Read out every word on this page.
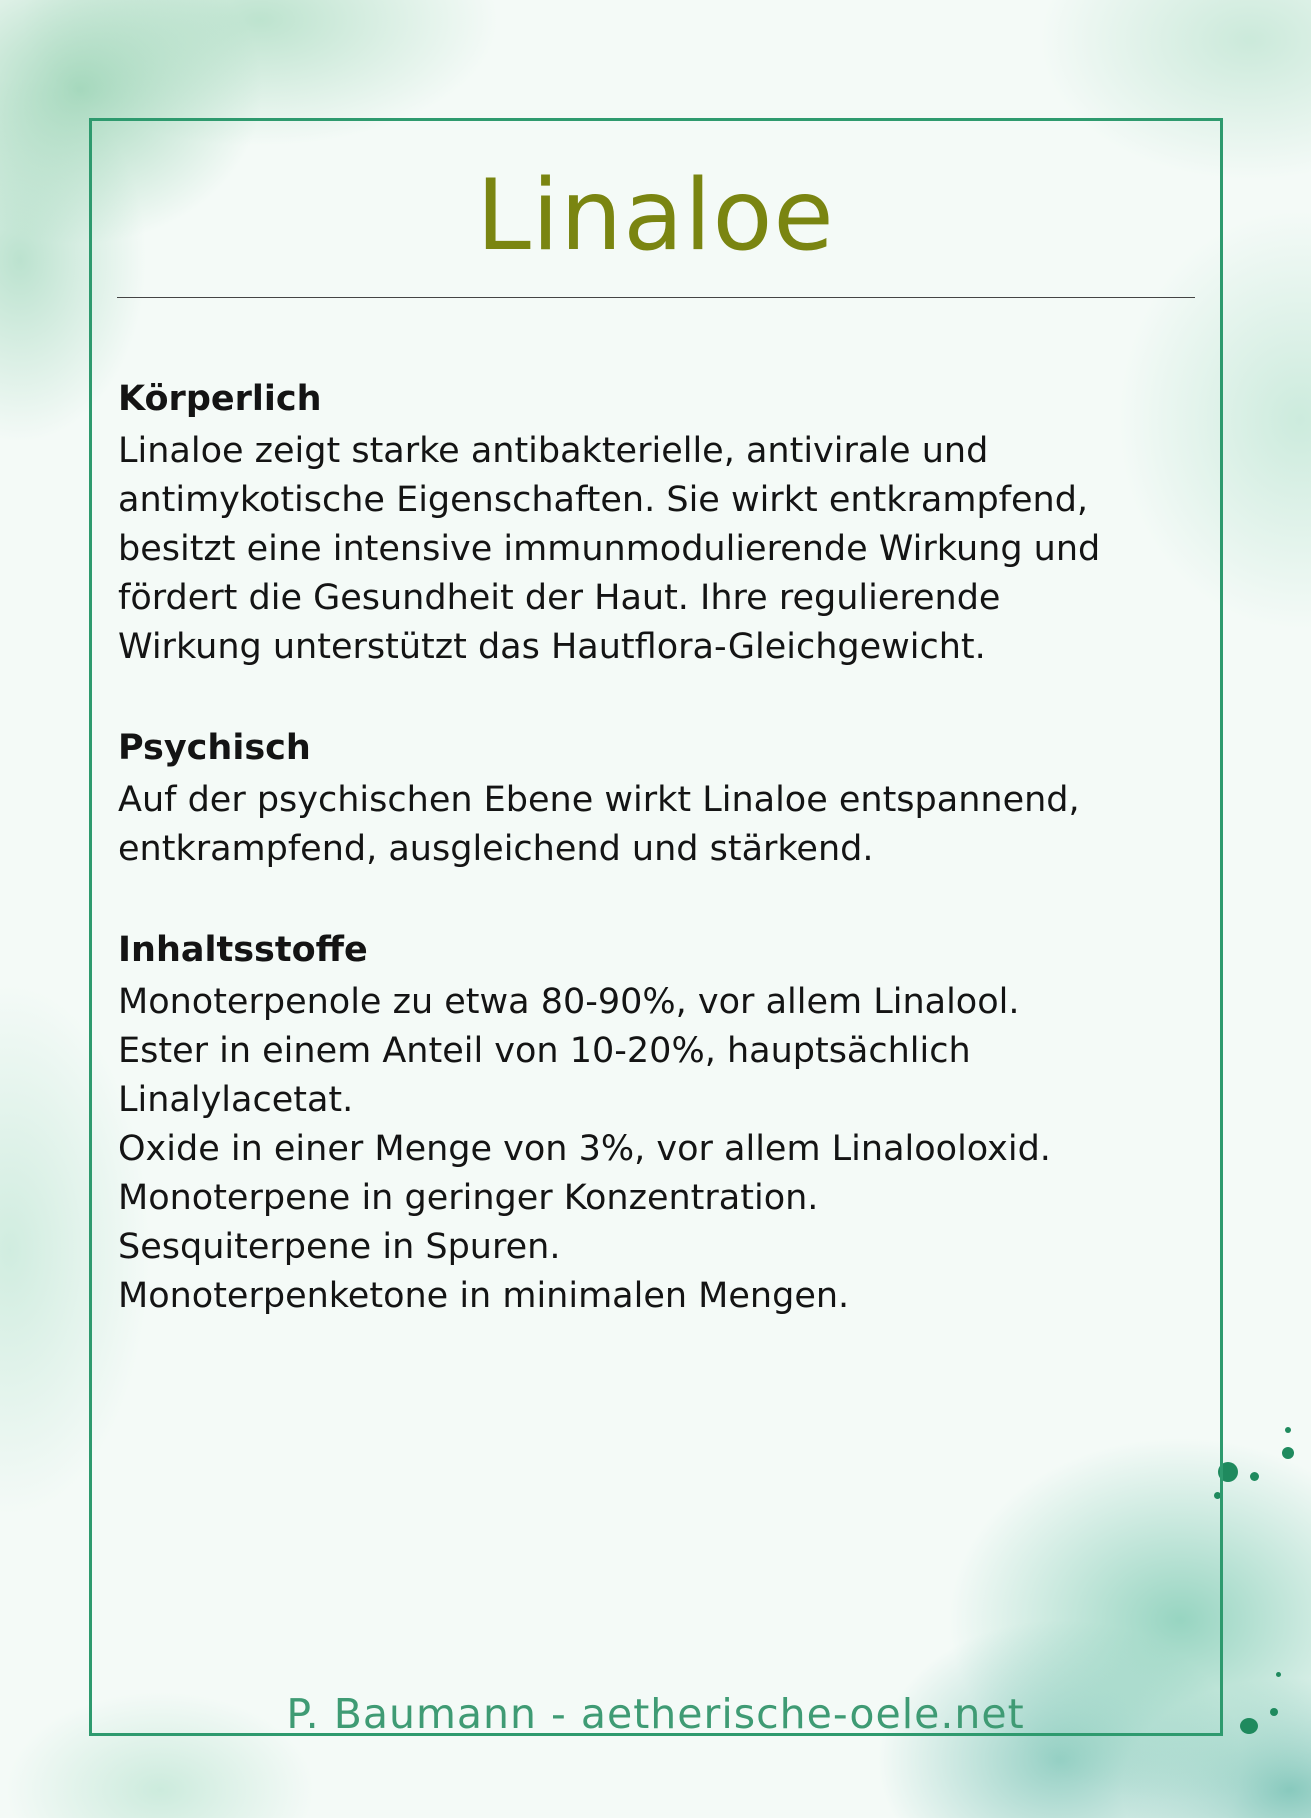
Linaloe
Körperlich

Linaloe zeigt starke antibakterielle, antivirale und
antimykotische Eigenschaften. Sie wirkt entkrampfend,
besitzt eine intensive immunmodulierende Wirkung und
fördert die Gesundheit der Haut. Ihre regulierende
Wirkung unterstützt das Hautflora-Gleichgewicht.

Psychisch

Auf der psychischen Ebene wirkt Linaloe entspannend,
entkrampfend, ausgleichend und stärkend.

Inhaltsstoffe

Monoterpenole zu etwa 80-90%, vor allem Linalool.
Ester in einem Anteil von 10-20%, hauptsächlich
Linalylacetat.
Oxide in einer Menge von 3%, vor allem Linalooloxid.
Monoterpene in geringer Konzentration.
Sesquiterpene in Spuren.
Monoterpenketone in minimalen Mengen.

P. Baumann - aetherische-oele.net
